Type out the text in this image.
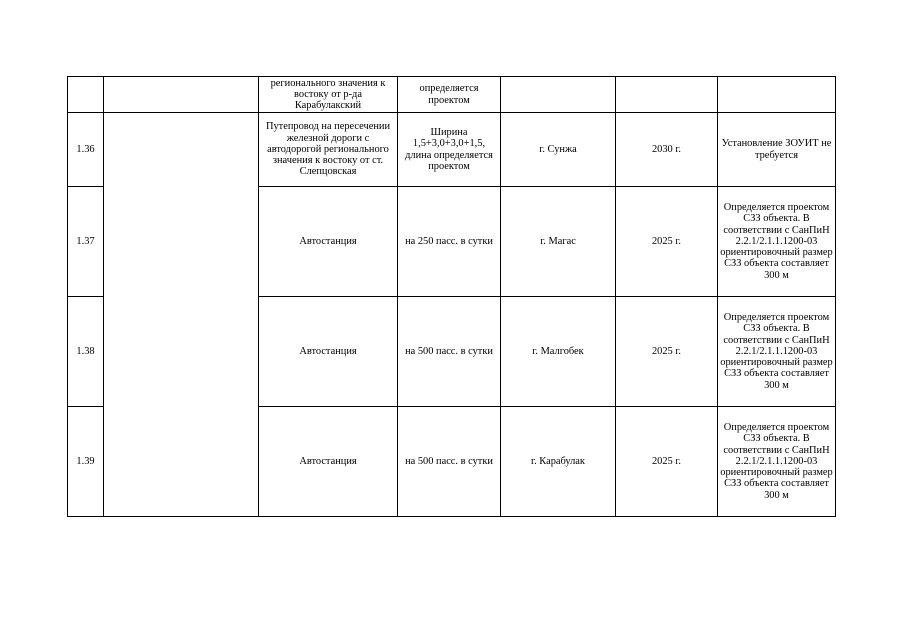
		регионального значения к востоку от р-да Карабулакский	определяется проектом			
1.36		Путепровод на пересечении железной дороги с автодорогой регионального значения к востоку от ст. Слепцовская	Ширина 1,5+3,0+3,0+1,5, длина определяется проектом	г. Сунжа	2030 г.	Установление ЗОУИТ не требуется
1.37		Автостанция	на 250 пасс. в сутки	г. Магас	2025 г.	Определяется проектом СЗЗ объекта. В соответствии с СанПиН 2.2.1/2.1.1.1200-03 ориентировочный размер СЗЗ объекта составляет 300 м
1.38		Автостанция	на 500 пасс. в сутки	г. Малгобек	2025 г.	Определяется проектом СЗЗ объекта. В соответствии с СанПиН 2.2.1/2.1.1.1200-03 ориентировочный размер СЗЗ объекта составляет 300 м
1.39		Автостанция	на 500 пасс. в сутки	г. Карабулак	2025 г.	Определяется проектом СЗЗ объекта. В соответствии с СанПиН 2.2.1/2.1.1.1200-03 ориентировочный размер СЗЗ объекта составляет 300 м
